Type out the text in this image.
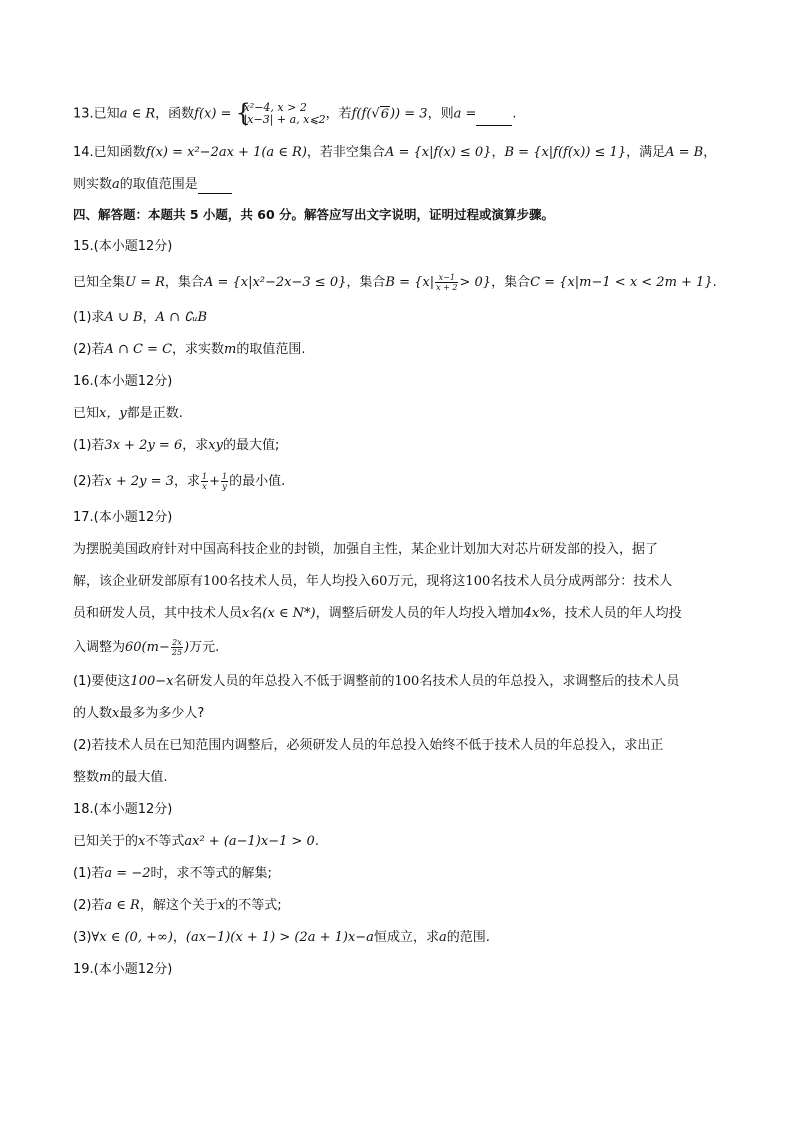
13.已知a ∈ R，函数f(x) = {
x²−4, x > 2
|x−3| + a, x⩽2 ，若f(f(√6)) = 3，则a =	.
14.已知函数f(x) = x²−2ax + 1(a ∈ R)，若非空集合A = {x|f(x) ≤ 0}，B = {x|f(f(x)) ≤ 1}，满足A = B，
则实数a的取值范围是
四、解答题：本题共 5 小题，共 60 分。解答应写出文字说明，证明过程或演算步骤。
15.(本小题12分)
已知全集U = R，集合A = {x|x²−2x−3 ≤ 0}，集合$B = \{x| \frac{x-1}{x + 2} > 0\}$，集合C = {x|m−1 < x < 2m + 1}.
(1)求A ∪ B，A ∩ ∁ᵤB
(2)若A ∩ C = C，求实数m的取值范围.
16.(本小题12分)
已知x，y都是正数.
(1)若3x + 2y = 6，求xy的最大值;
(2)若x + 2y = 3，求 $\frac{1}{x} + \frac{1}{y}$ 的最小值.
17.(本小题12分)
为摆脱美国政府针对中国高科技企业的封锁，加强自主性，某企业计划加大对芯片研发部的投入，据了
解，该企业研发部原有100名技术人员，年人均投入60万元，现将这100名技术人员分成两部分：技术人
员和研发人员，其中技术人员x名(x ∈ N*)，调整后研发人员的年人均投入增加4x%，技术人员的年人均投
入调整为$60(m- \frac{2x}{25}$ )万元.
(1)要使这100−x名研发人员的年总投入不低于调整前的100名技术人员的年总投入，求调整后的技术人员
的人数x最多为多少人?
(2)若技术人员在已知范围内调整后，必须研发人员的年总投入始终不低于技术人员的年总投入，求出正
整数m的最大值.
18.(本小题12分)
已知关于的x不等式ax² + (a−1)x−1 > 0.
(1)若a = −2时，求不等式的解集;
(2)若a ∈ R，解这个关于x的不等式;
(3)∀x ∈ (0, +∞)，(ax−1)(x + 1) > (2a + 1)x−a恒成立，求a的范围.
19.(本小题12分)
